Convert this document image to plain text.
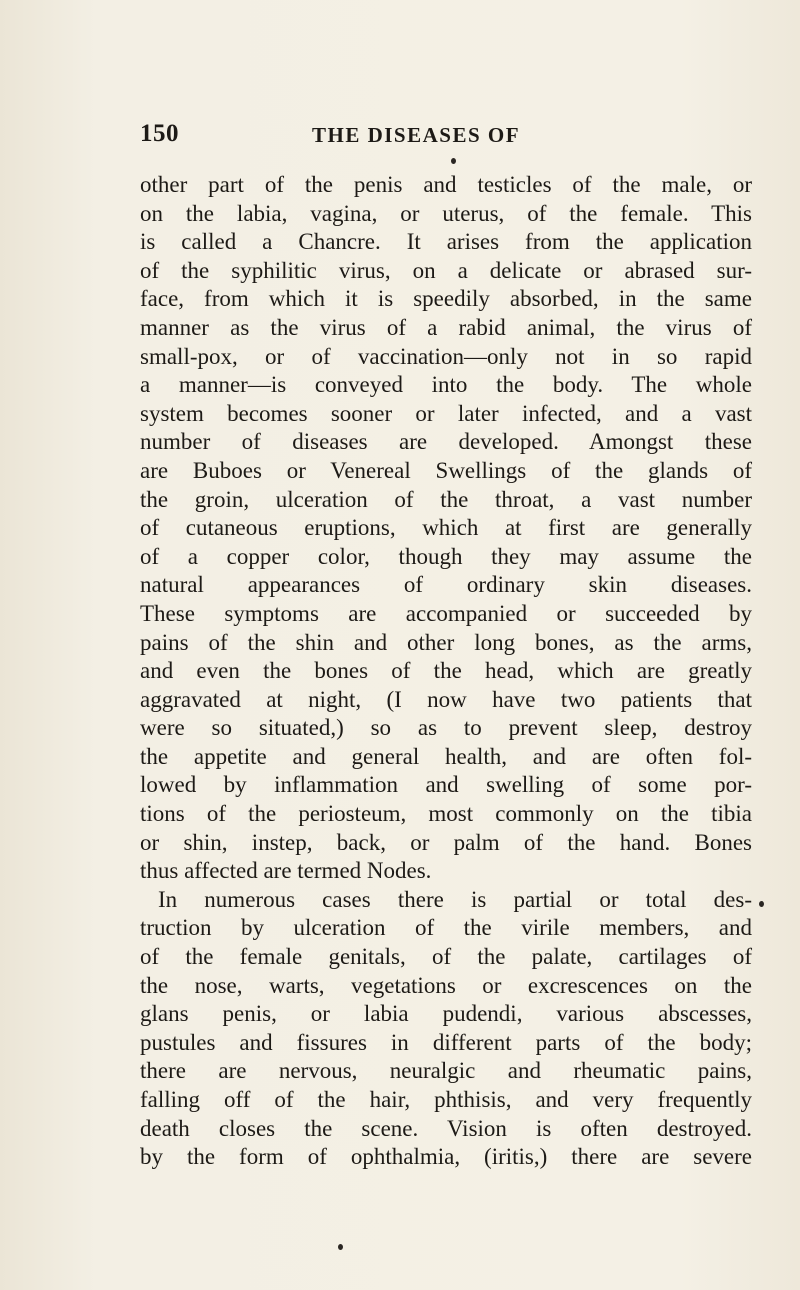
150	THE DISEASES OF
other part of the penis and testicles of the male, or
on the labia, vagina, or uterus, of the female. This
is called a Chancre. It arises from the application
of the syphilitic virus, on a delicate or abrased sur-
face, from which it is speedily absorbed, in the same
manner as the virus of a rabid animal, the virus of
small-pox, or of vaccination—only not in so rapid
a manner—is conveyed into the body. The whole
system becomes sooner or later infected, and a vast
number of diseases are developed. Amongst these
are Buboes or Venereal Swellings of the glands of
the groin, ulceration of the throat, a vast number
of cutaneous eruptions, which at first are generally
of a copper color, though they may assume the
natural appearances of ordinary skin diseases.
These symptoms are accompanied or succeeded by
pains of the shin and other long bones, as the arms,
and even the bones of the head, which are greatly
aggravated at night, (I now have two patients that
were so situated,) so as to prevent sleep, destroy
the appetite and general health, and are often fol-
lowed by inflammation and swelling of some por-
tions of the periosteum, most commonly on the tibia
or shin, instep, back, or palm of the hand. Bones
thus affected are termed Nodes.
In numerous cases there is partial or total des-
truction by ulceration of the virile members, and
of the female genitals, of the palate, cartilages of
the nose, warts, vegetations or excrescences on the
glans penis, or labia pudendi, various abscesses,
pustules and fissures in different parts of the body;
there are nervous, neuralgic and rheumatic pains,
falling off of the hair, phthisis, and very frequently
death closes the scene. Vision is often destroyed.
by the form of ophthalmia, (iritis,) there are severe
